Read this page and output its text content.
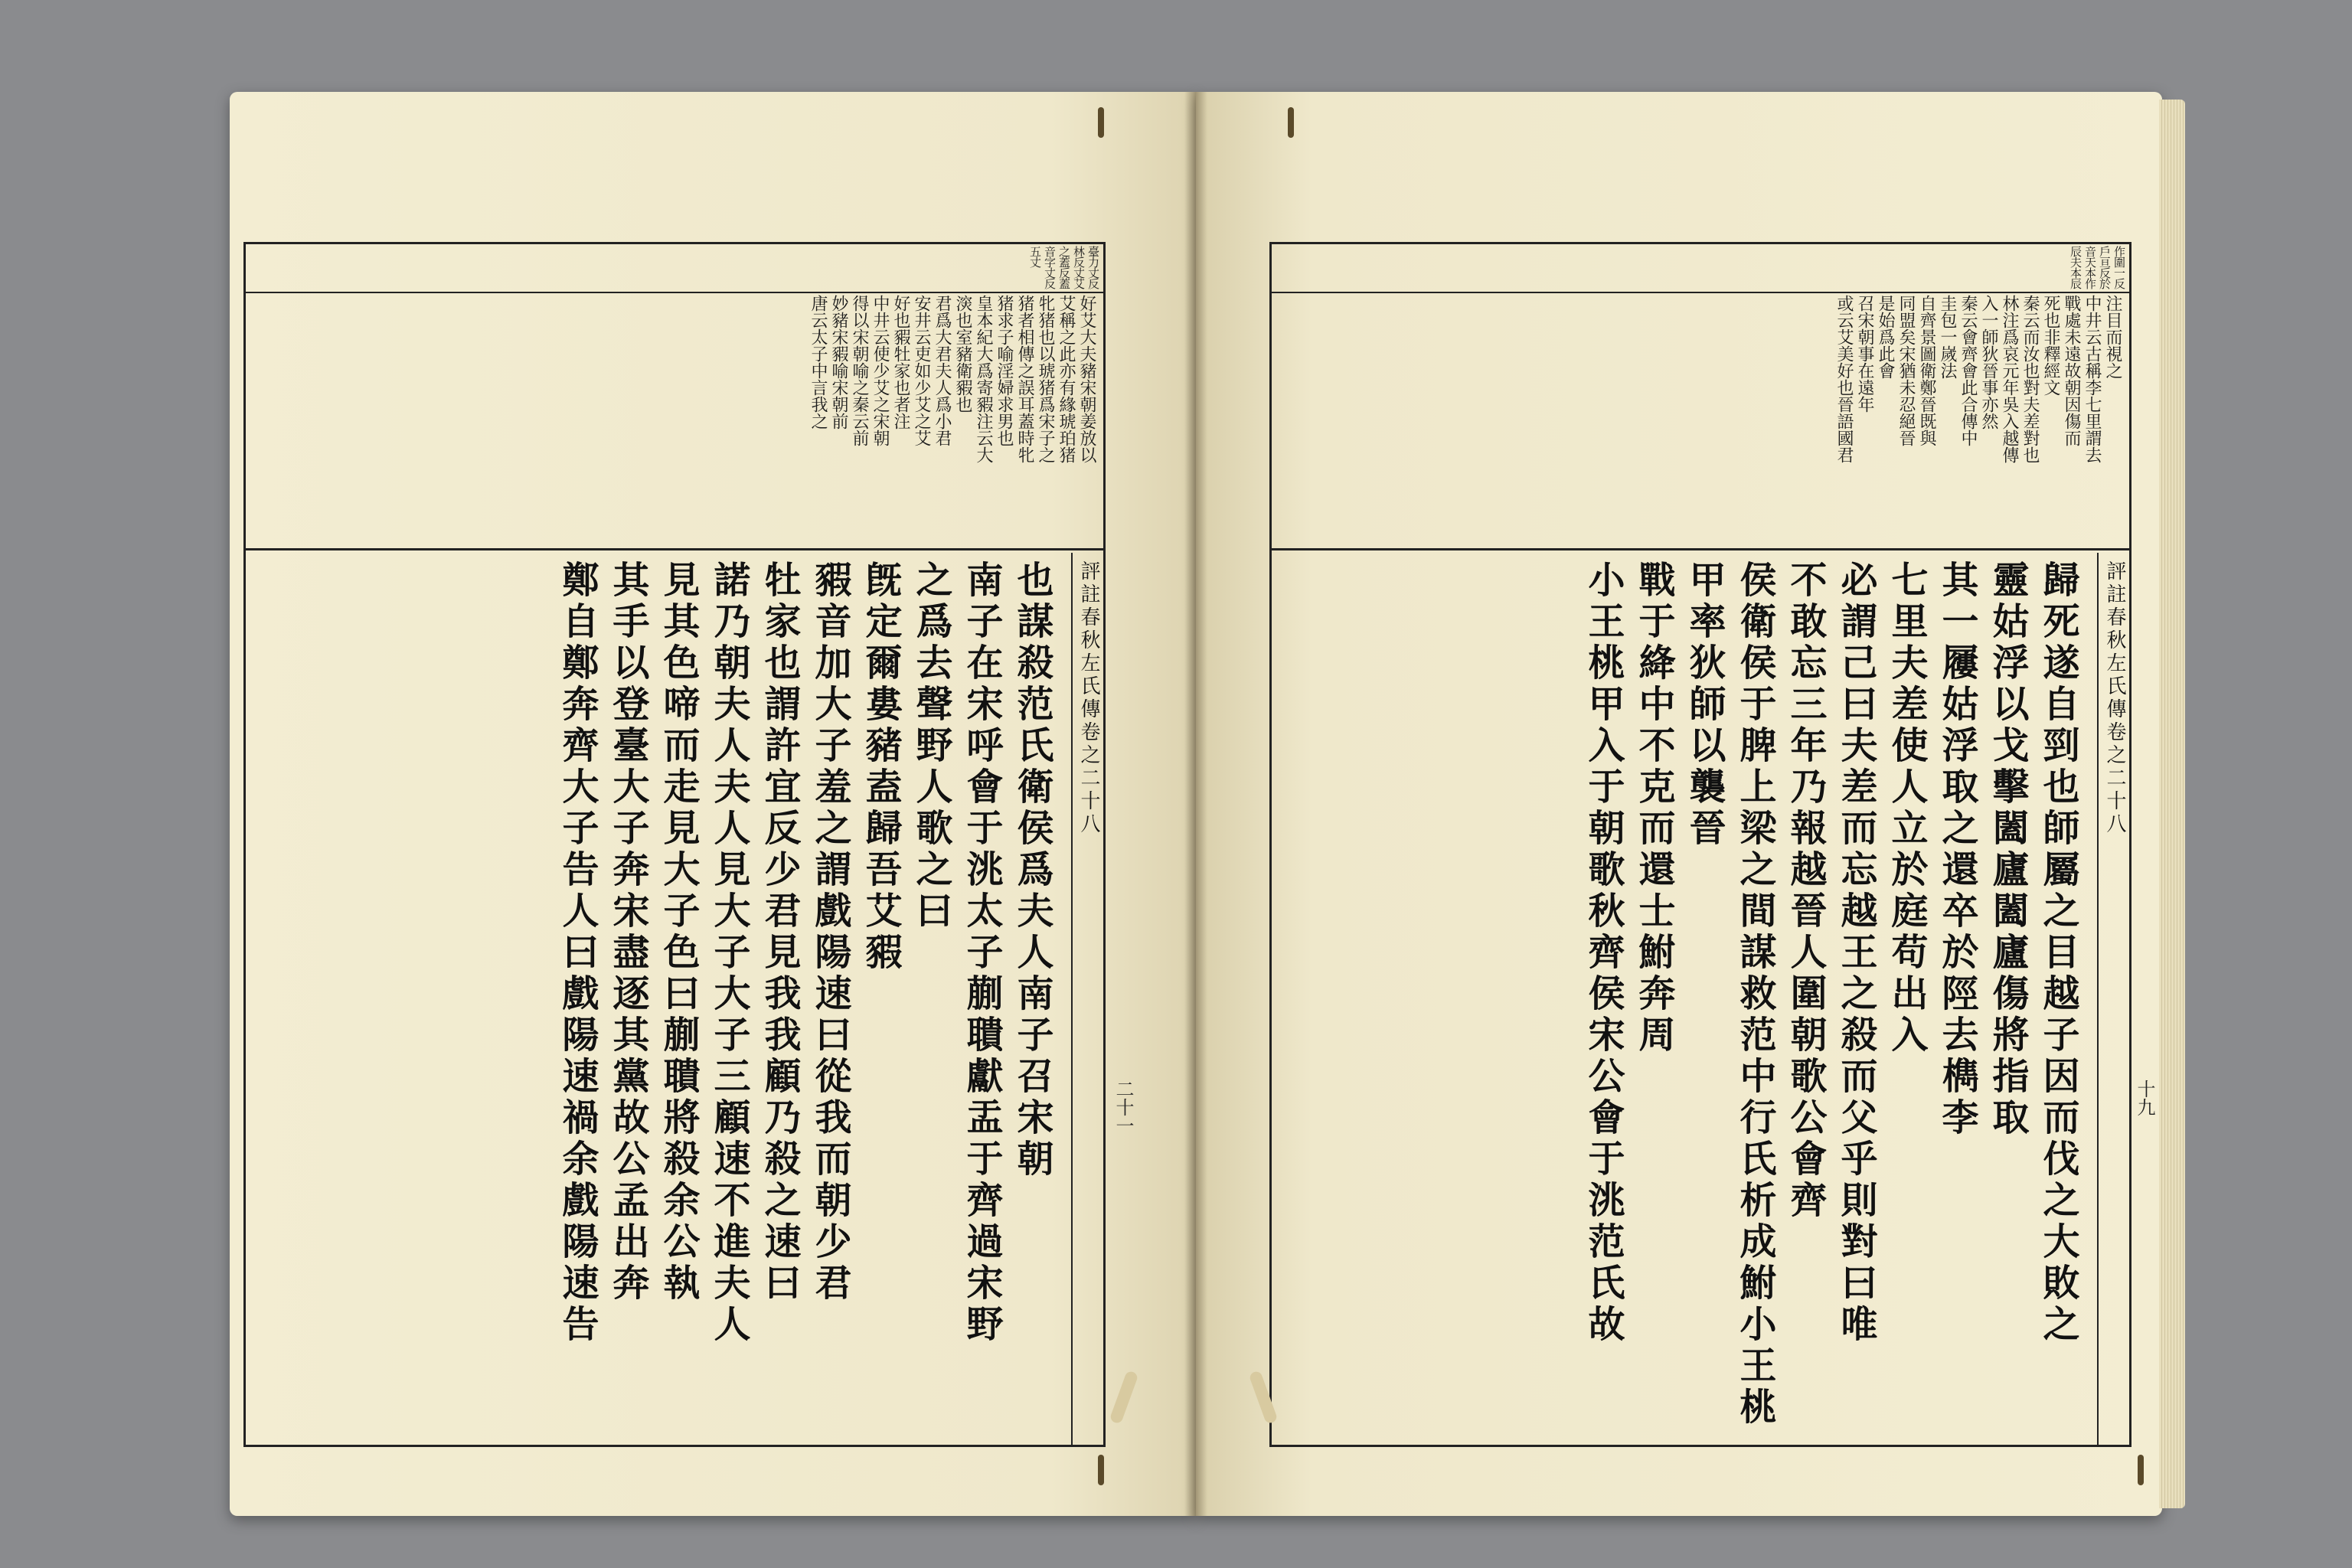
臺力丈反林反丈艾之蓋反蓋音字丈反五丈
好艾大夫豬宋朝姜放以
艾稱之此亦有緣琥珀猪
牝猪也以琥猪爲宋子之
猪者相傳之誤耳蓋時牝
猪求子喻淫婦求男也
皇本紀大爲寄豭注云大
㴱也室豬衛豭也
君爲大君夫人爲小君
安井云吏如少艾之艾
好也豭牡家也者注
中井云使少艾之宋朝
得以宋朝喻之秦云前
妙豬宋豭喻宋朝前
唐云太子中言我之
也謀殺范氏衛侯爲夫人南子召宋朝
南子在宋呼會于洮太子蒯聵獻盂于齊過宋野
之爲去聲野人歌之曰
旣定爾婁豬盍歸吾艾豭
豭音加大子羞之謂戲陽速曰從我而朝少君
牡家也謂許宜反少君見我我顧乃殺之速曰
諾乃朝夫人夫人見大子大子三顧速不進夫人
見其色啼而走見大子色曰蒯聵將殺余公執
其手以登臺大子奔宋盡逐其黨故公孟出奔
鄭自鄭奔齊大子告人曰戲陽速禍余戲陽速告	評註春秋左氏傳卷之二十八
二十一
作圍一反戶亘反於音天本作辰夫本辰
注目而視之
中井云古稱李七里謂去
戰處未遠故朝因傷而
死也非釋經文
秦云而汝也對夫差對也
林注爲哀元年吳入越傳
入一師狄晉事亦然
秦云會齊會此合傳中
圭包一嵗法
自齊景圖衛鄭晉既與
同盟矣宋猶未忍絕晉
是始爲此會
召宋朝事在遠年
或云艾美好也晉語國君
歸死遂自剄也師屬之目越子因而伐之大敗之
靈姑浮以戈擊闔廬闔廬傷將指取
其一屨姑浮取之還卒於陘去檇李
七里夫差使人立於庭苟出入
必謂己曰夫差而忘越王之殺而父乎則對曰唯
不敢忘三年乃報越晉人圍朝歌公會齊
侯衛侯于脾上梁之間謀救范中行氏析成鮒小王桃甲率狄師以襲晉
戰于絳中不克而還士鮒奔周
小王桃甲入于朝歌秋齊侯宋公會于洮范氏故	評註春秋左氏傳卷之二十八
十九
